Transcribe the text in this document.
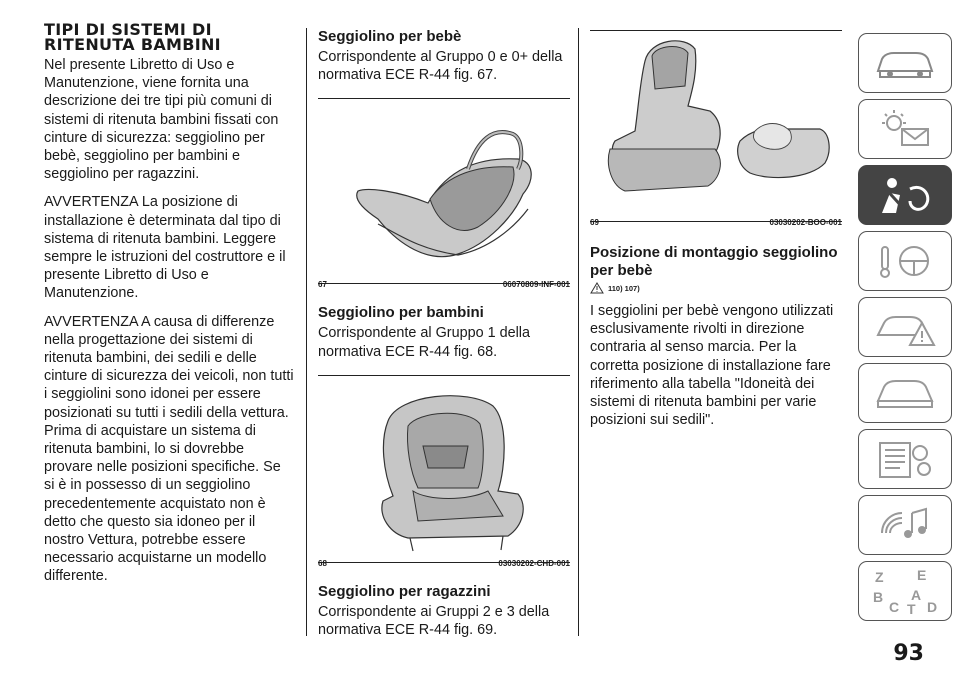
TIPI DI SISTEMI DI
RITENUTA BAMBINI

Nel presente Libretto di Uso e Manutenzione, viene fornita una descrizione dei tre tipi più comuni di sistemi di ritenuta bambini fissati con cinture di sicurezza: seggiolino per bebè, seggiolino per bambini e seggiolino per ragazzini.

AVVERTENZA La posizione di installazione è determinata dal tipo di sistema di ritenuta bambini. Leggere sempre le istruzioni del costruttore e il presente Libretto di Uso e Manutenzione.

AVVERTENZA A causa di differenze nella progettazione dei sistemi di ritenuta bambini, dei sedili e delle cinture di sicurezza dei veicoli, non tutti i seggiolini sono idonei per essere posizionati su tutti i sedili della vettura. Prima di acquistare un sistema di ritenuta bambini, lo si dovrebbe provare nelle posizioni specifiche. Se si è in possesso di un seggiolino precedentemente acquistato non è detto che questo sia idoneo per il nostro Vettura, potrebbe essere necessario acquistarne un modello differente.

Seggiolino per bebè

Corrispondente al Gruppo 0 e 0+ della normativa ECE R-44 fig. 67.

67	06070809-INF-001
Seggiolino per bambini

Corrispondente al Gruppo 1 della normativa ECE R-44 fig. 68.

68	03030202-CHD-001
Seggiolino per ragazzini

Corrispondente ai Gruppi 2 e 3 della normativa ECE R-44 fig. 69.

69	03030202-BOO-001
Posizione di montaggio seggiolino
per bebè
110) 107)

I seggiolini per bebè vengono utilizzati esclusivamente rivolti in direzione contraria al senso marcia. Per la corretta posizione di installazione fare riferimento alla tabella "Idoneità dei sistemi di ritenuta bambini per varie posizioni sui sedili".

Z E
B A
C D
T
93
